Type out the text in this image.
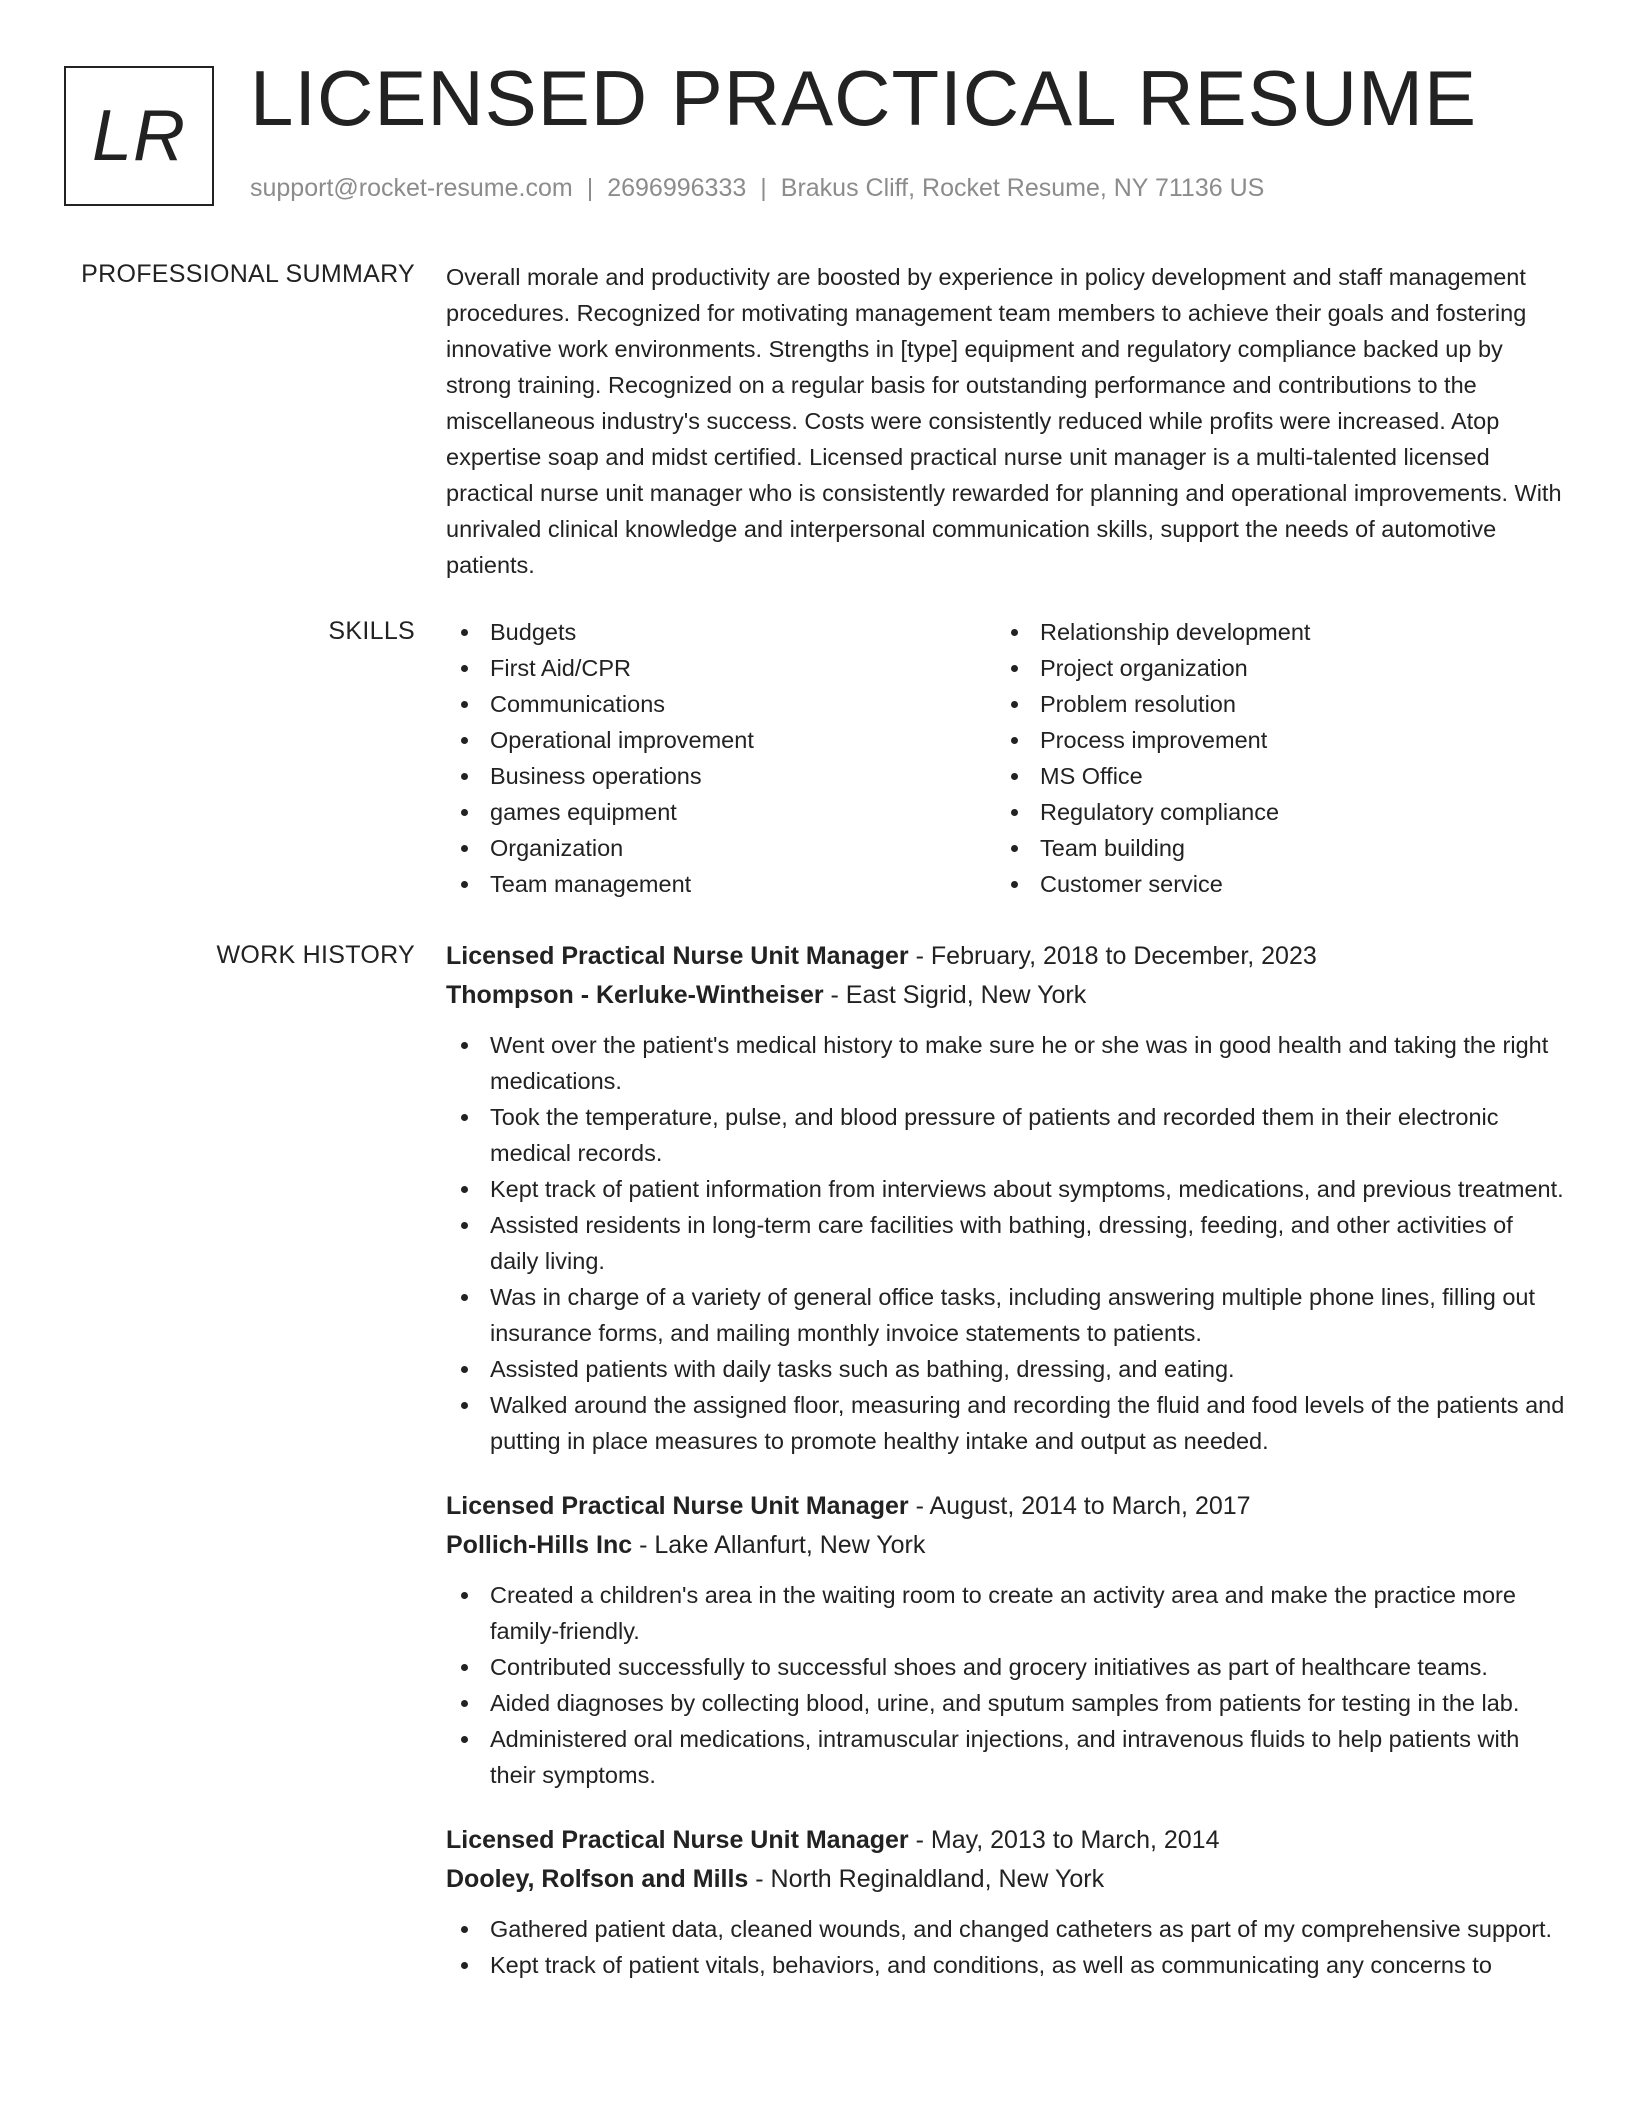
LR LICENSED PRACTICAL RESUME
support@rocket-resume.com | 2696996333 | Brakus Cliff, Rocket Resume, NY 71136 US
PROFESSIONAL SUMMARY Overall morale and productivity are boosted by experience in policy development and staff management procedures. Recognized for motivating management team members to achieve their goals and fostering innovative work environments. Strengths in [type] equipment and regulatory compliance backed up by strong training. Recognized on a regular basis for outstanding performance and contributions to the miscellaneous industry's success. Costs were consistently reduced while profits were increased. Atop expertise soap and midst certified. Licensed practical nurse unit manager is a multi-talented licensed practical nurse unit manager who is consistently rewarded for planning and operational improvements. With unrivaled clinical knowledge and interpersonal communication skills, support the needs of automotive patients.

SKILLS	Budgets
First Aid/CPR
Communications
Operational improvement
Business operations
games equipment
Organization
Team management
Relationship development
Project organization
Problem resolution
Process improvement
MS Office
Regulatory compliance
Team building
Customer service
WORK HISTORY Licensed Practical Nurse Unit Manager - February, 2018 to December, 2023
Thompson - Kerluke-Wintheiser - East Sigrid, New York
Went over the patient's medical history to make sure he or she was in good health and taking the right medications.
Took the temperature, pulse, and blood pressure of patients and recorded them in their electronic medical records.
Kept track of patient information from interviews about symptoms, medications, and previous treatment.
Assisted residents in long-term care facilities with bathing, dressing, feeding, and other activities of daily living.
Was in charge of a variety of general office tasks, including answering multiple phone lines, filling out insurance forms, and mailing monthly invoice statements to patients.
Assisted patients with daily tasks such as bathing, dressing, and eating.
Walked around the assigned floor, measuring and recording the fluid and food levels of the patients and putting in place measures to promote healthy intake and output as needed.
Licensed Practical Nurse Unit Manager - August, 2014 to March, 2017
Pollich-Hills Inc - Lake Allanfurt, New York
Created a children's area in the waiting room to create an activity area and make the practice more family-friendly.
Contributed successfully to successful shoes and grocery initiatives as part of healthcare teams.
Aided diagnoses by collecting blood, urine, and sputum samples from patients for testing in the lab.
Administered oral medications, intramuscular injections, and intravenous fluids to help patients with their symptoms.
Licensed Practical Nurse Unit Manager - May, 2013 to March, 2014
Dooley, Rolfson and Mills - North Reginaldland, New York
Gathered patient data, cleaned wounds, and changed catheters as part of my comprehensive support.
Kept track of patient vitals, behaviors, and conditions, as well as communicating any concerns to
